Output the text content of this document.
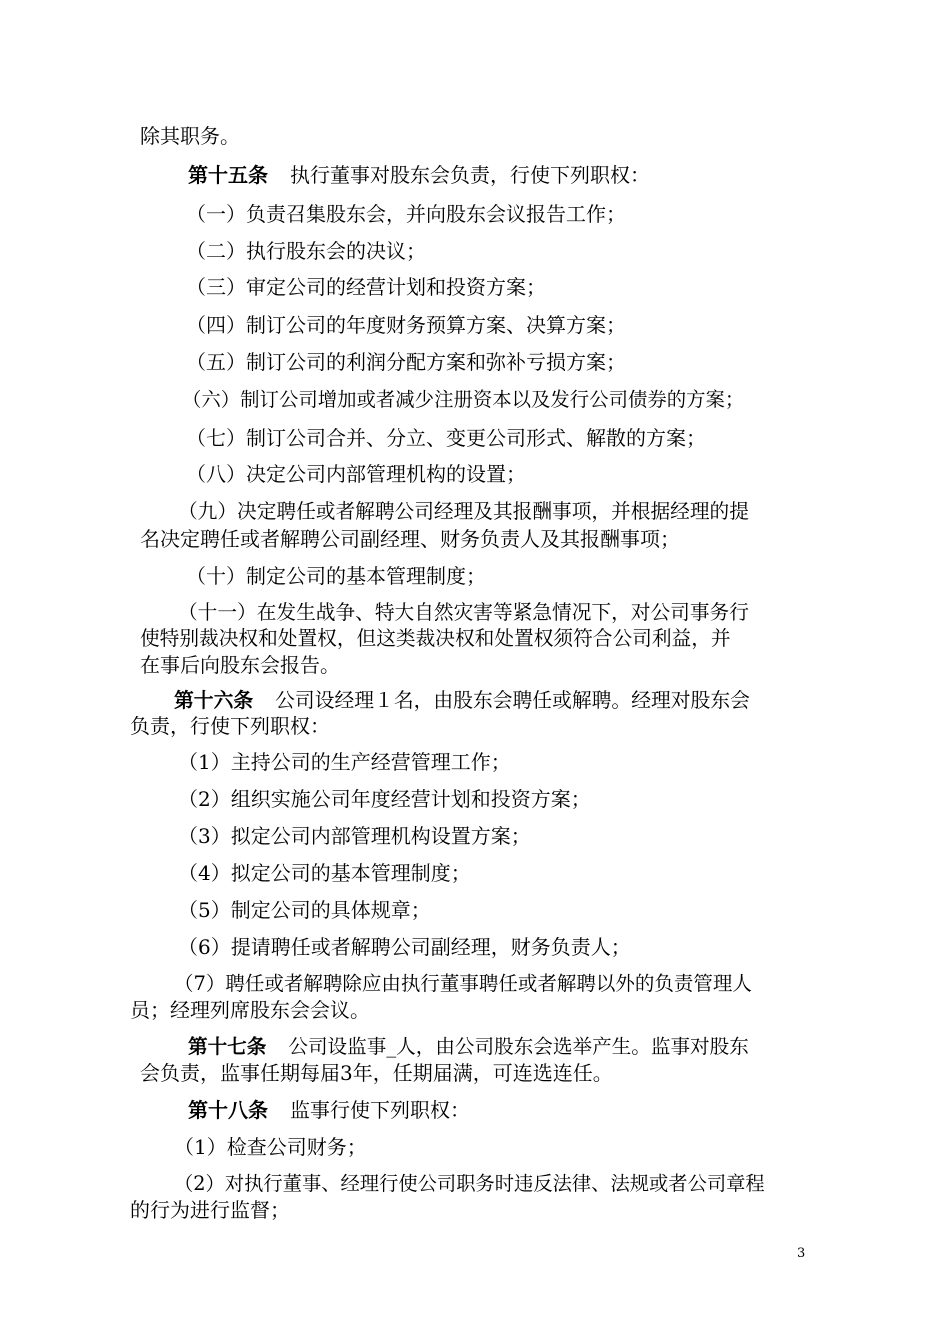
除其职务。
第十五条 执行董事对股东会负责，行使下列职权：
（一）负责召集股东会，并向股东会议报告工作；
（二）执行股东会的决议；
（三）审定公司的经营计划和投资方案；
（四）制订公司的年度财务预算方案、决算方案；
（五）制订公司的利润分配方案和弥补亏损方案；
（六）制订公司增加或者减少注册资本以及发行公司债券的方案；
（七）制订公司合并、分立、变更公司形式、解散的方案；
（八）决定公司内部管理机构的设置；
（九）决定聘任或者解聘公司经理及其报酬事项，并根据经理的提
名决定聘任或者解聘公司副经理、财务负责人及其报酬事项；
（十）制定公司的基本管理制度；
（十一）在发生战争、特大自然灾害等紧急情况下，对公司事务行
使特别裁决权和处置权，但这类裁决权和处置权须符合公司利益，并
在事后向股东会报告。
第十六条 公司设经理１名，由股东会聘任或解聘。经理对股东会
负责，行使下列职权：
（1）主持公司的生产经营管理工作；
（2）组织实施公司年度经营计划和投资方案；
（3）拟定公司内部管理机构设置方案；
（4）拟定公司的基本管理制度；
（5）制定公司的具体规章；
（6）提请聘任或者解聘公司副经理，财务负责人；
（7）聘任或者解聘除应由执行董事聘任或者解聘以外的负责管理人
员；经理列席股东会会议。
第十七条 公司设监事_人，由公司股东会选举产生。监事对股东
会负责，监事任期每届3年，任期届满，可连选连任。
第十八条 监事行使下列职权：
（1）检查公司财务；
（2）对执行董事、经理行使公司职务时违反法律、法规或者公司章程
的行为进行监督；
3
